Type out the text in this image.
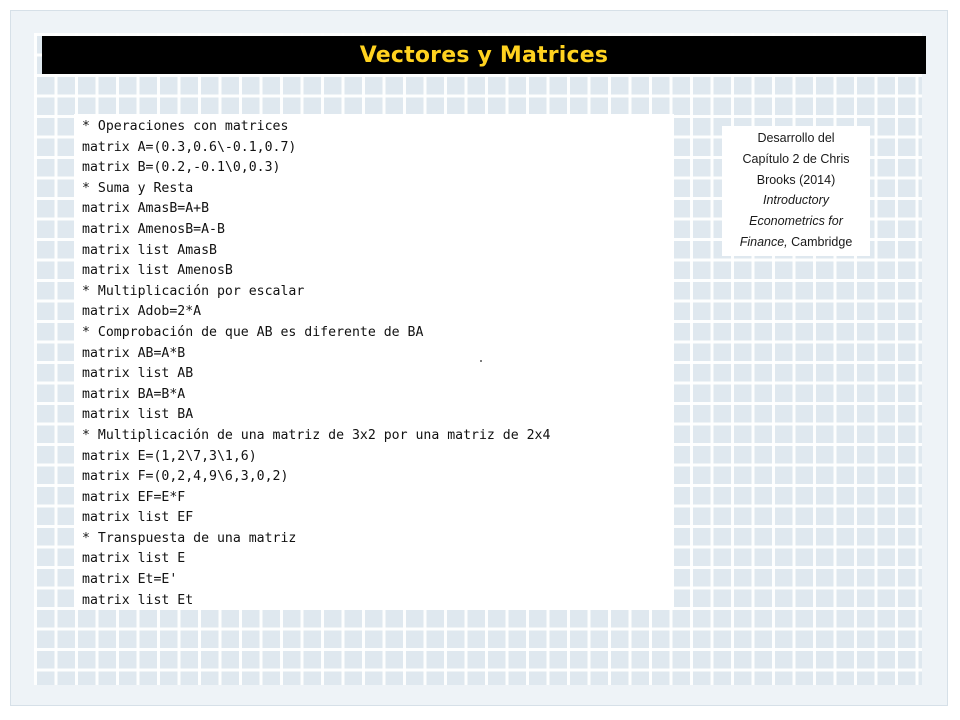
Vectores y Matrices
* Operaciones con matrices
matrix A=(0.3,0.6\-0.1,0.7)
matrix B=(0.2,-0.1\0,0.3)
* Suma y Resta
matrix AmasB=A+B
matrix AmenosB=A-B
matrix list AmasB
matrix list AmenosB
* Multiplicación por escalar
matrix Adob=2*A
* Comprobación de que AB es diferente de BA
matrix AB=A*B
matrix list AB
matrix BA=B*A
matrix list BA
* Multiplicación de una matriz de 3x2 por una matriz de 2x4
matrix E=(1,2\7,3\1,6)
matrix F=(0,2,4,9\6,3,0,2)
matrix EF=E*F
matrix list EF
* Transpuesta de una matriz
matrix list E
matrix Et=E'
matrix list Et
Desarrollo del
Capítulo 2 de Chris
Brooks (2014)
Introductory
Econometrics for
Finance, Cambridge
